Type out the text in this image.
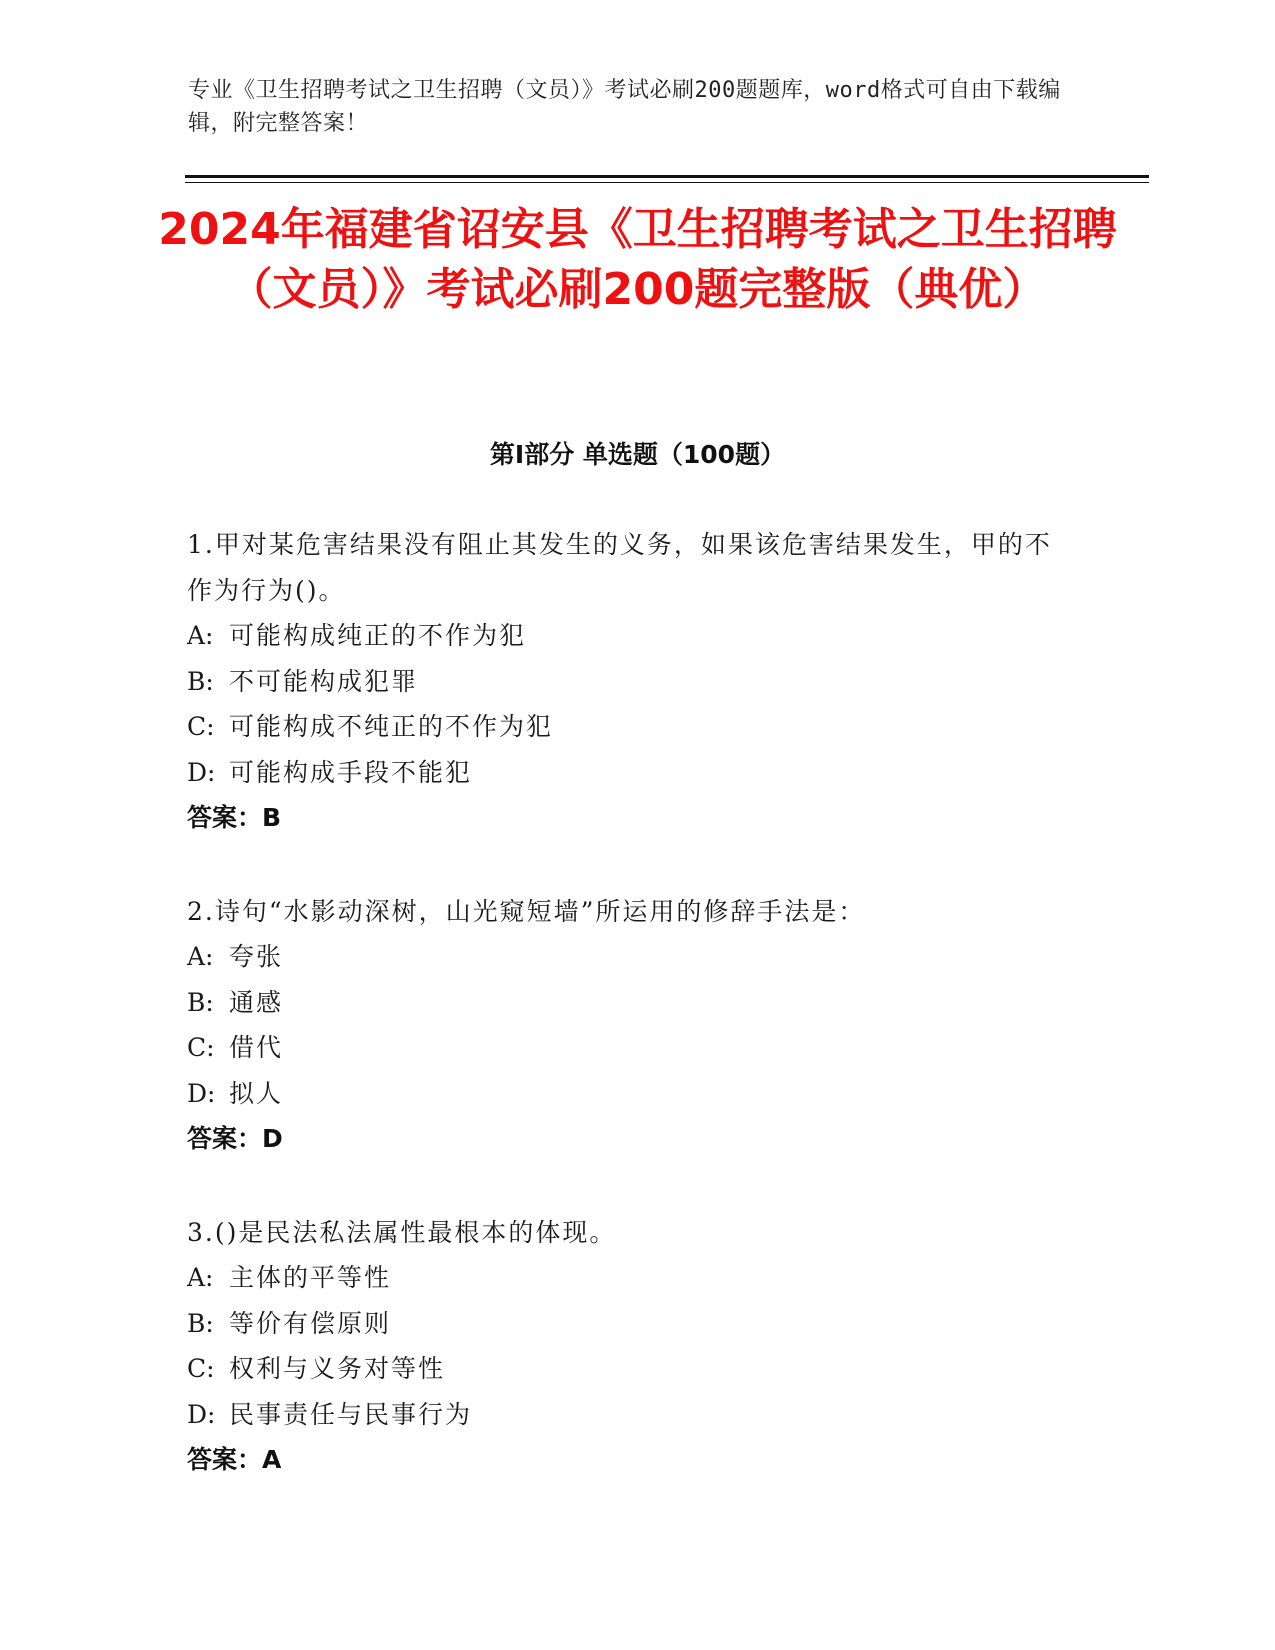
专业《卫生招聘考试之卫生招聘（文员）》考试必刷200题题库，word格式可自由下载编辑，附完整答案！
2024年福建省诏安县《卫生招聘考试之卫生招聘（文员）》考试必刷200题完整版（典优）
第Ⅰ部分 单选题（100题）

1.甲对某危害结果没有阻止其发生的义务，如果该危害结果发生，甲的不作为行为()。

A: 可能构成纯正的不作为犯

B: 不可能构成犯罪

C: 可能构成不纯正的不作为犯

D: 可能构成手段不能犯

答案：B

2.诗句“水影动深树，山光窥短墙”所运用的修辞手法是：

A: 夸张

B: 通感

C: 借代

D: 拟人

答案：D

3.()是民法私法属性最根本的体现。

A: 主体的平等性

B: 等价有偿原则

C: 权利与义务对等性

D: 民事责任与民事行为

答案：A
